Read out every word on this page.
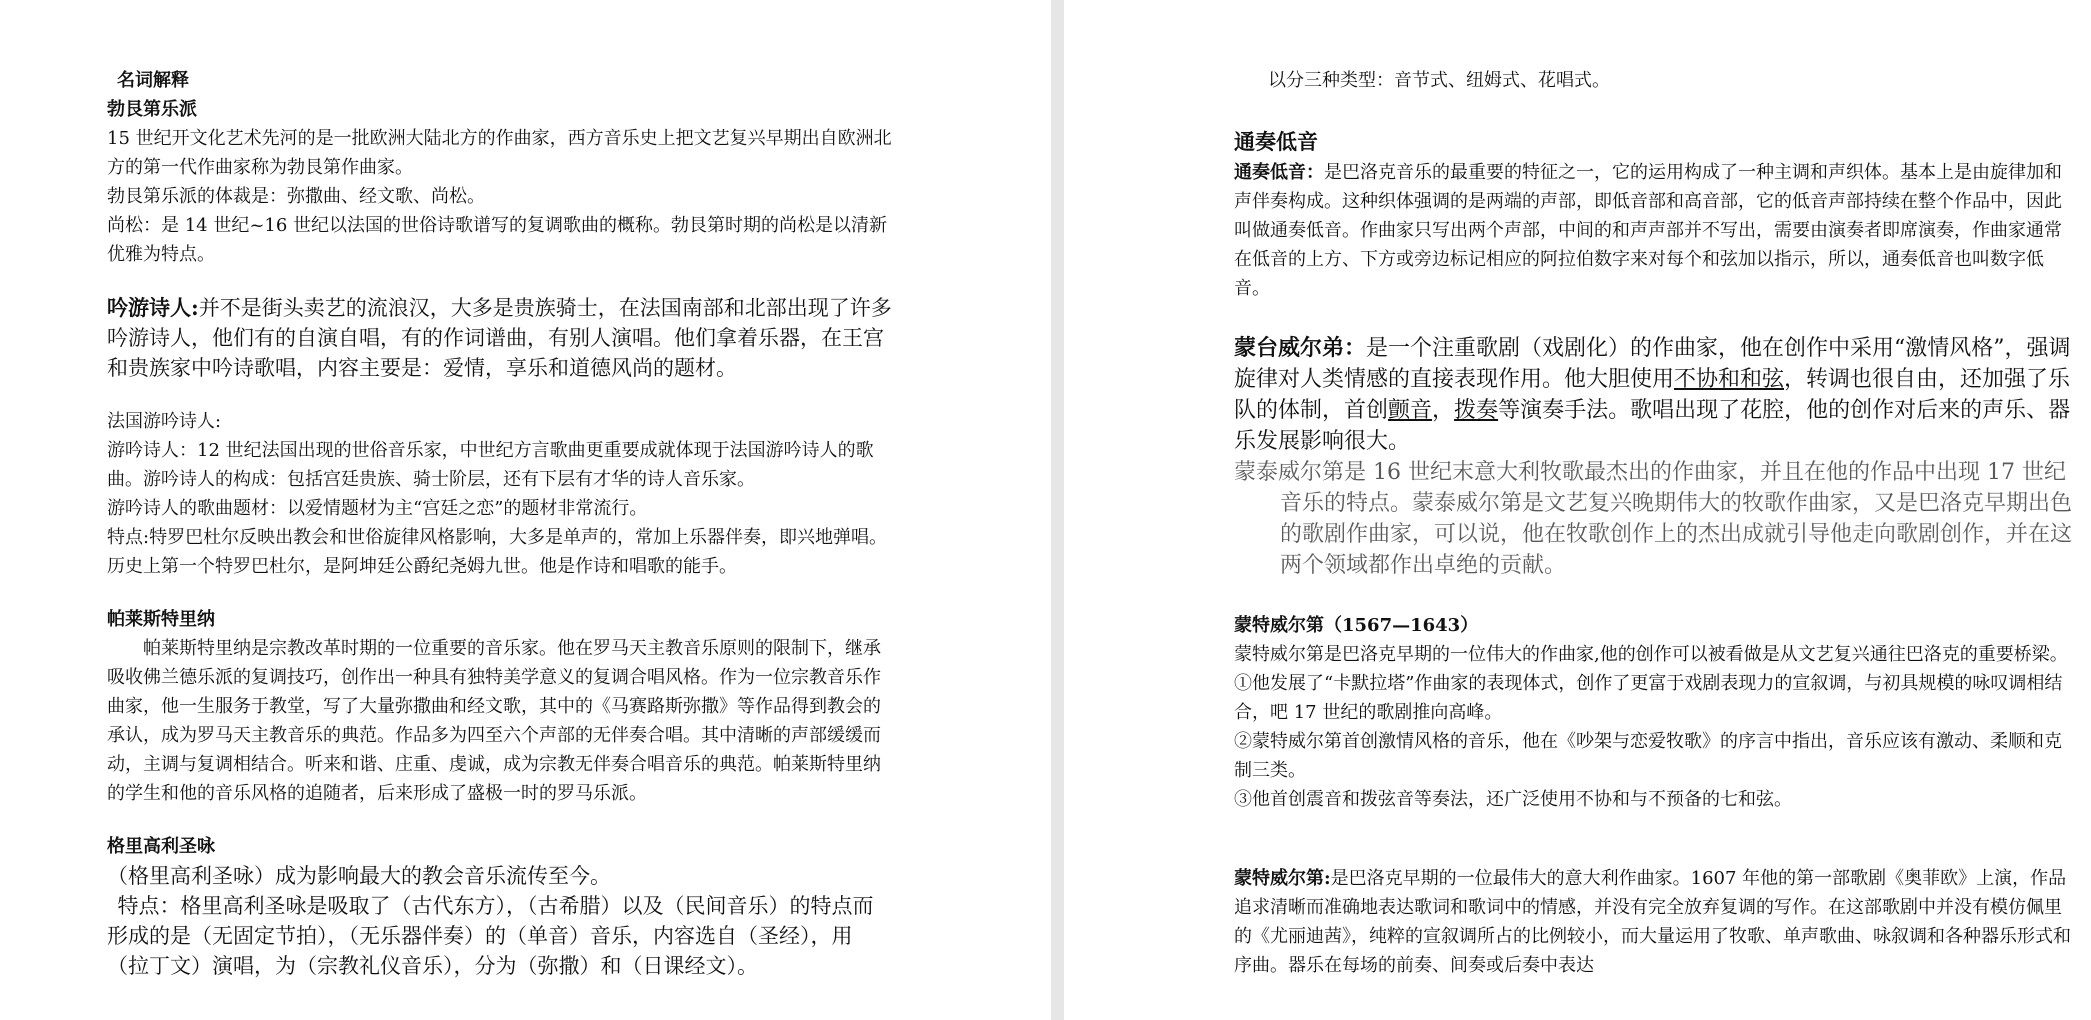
名词解释

勃艮第乐派

15 世纪开文化艺术先河的是一批欧洲大陆北方的作曲家，西方音乐史上把文艺复兴早期出自欧洲北方的第一代作曲家称为勃艮第作曲家。

勃艮第乐派的体裁是：弥撒曲、经文歌、尚松。

尚松：是 14 世纪~16 世纪以法国的世俗诗歌谱写的复调歌曲的概称。勃艮第时期的尚松是以清新优雅为特点。

吟游诗人:并不是街头卖艺的流浪汉，大多是贵族骑士，在法国南部和北部出现了许多吟游诗人，他们有的自演自唱，有的作词谱曲，有别人演唱。他们拿着乐器，在王宫和贵族家中吟诗歌唱，内容主要是：爱情，享乐和道德风尚的题材。

法国游吟诗人:

游吟诗人：12 世纪法国出现的世俗音乐家，中世纪方言歌曲更重要成就体现于法国游吟诗人的歌曲。游吟诗人的构成：包括宫廷贵族、骑士阶层，还有下层有才华的诗人音乐家。

游吟诗人的歌曲题材：以爱情题材为主“宫廷之恋”的题材非常流行。

特点:特罗巴杜尔反映出教会和世俗旋律风格影响，大多是单声的，常加上乐器伴奏，即兴地弹唱。历史上第一个特罗巴杜尔，是阿坤廷公爵纪尧姆九世。他是作诗和唱歌的能手。

帕莱斯特里纳

帕莱斯特里纳是宗教改革时期的一位重要的音乐家。他在罗马天主教音乐原则的限制下，继承吸收佛兰德乐派的复调技巧，创作出一种具有独特美学意义的复调合唱风格。作为一位宗教音乐作曲家，他一生服务于教堂，写了大量弥撒曲和经文歌，其中的《马赛路斯弥撒》等作品得到教会的承认，成为罗马天主教音乐的典范。作品多为四至六个声部的无伴奏合唱。其中清晰的声部缓缓而动，主调与复调相结合。听来和谐、庄重、虔诚，成为宗教无伴奏合唱音乐的典范。帕莱斯特里纳的学生和他的音乐风格的追随者，后来形成了盛极一时的罗马乐派。

格里高利圣咏

（格里高利圣咏）成为影响最大的教会音乐流传至今。

特点：格里高利圣咏是吸取了（古代东方），（古希腊）以及（民间音乐）的特点而形成的是（无固定节拍），（无乐器伴奏）的（单音）音乐，内容选自（圣经），用（拉丁文）演唱，为（宗教礼仪音乐），分为（弥撒）和（日课经文）。

以分三种类型：音节式、纽姆式、花唱式。

通奏低音

通奏低音：是巴洛克音乐的最重要的特征之一，它的运用构成了一种主调和声织体。基本上是由旋律加和声伴奏构成。这种织体强调的是两端的声部，即低音部和高音部，它的低音声部持续在整个作品中，因此叫做通奏低音。作曲家只写出两个声部，中间的和声声部并不写出，需要由演奏者即席演奏，作曲家通常在低音的上方、下方或旁边标记相应的阿拉伯数字来对每个和弦加以指示，所以，通奏低音也叫数字低音。

蒙台威尔弟：是一个注重歌剧（戏剧化）的作曲家，他在创作中采用“激情风格”，强调旋律对人类情感的直接表现作用。他大胆使用不协和和弦，转调也很自由，还加强了乐队的体制，首创颤音，拨奏等演奏手法。歌唱出现了花腔，他的创作对后来的声乐、器乐发展影响很大。

蒙泰威尔第是 16 世纪末意大利牧歌最杰出的作曲家，并且在他的作品中出现 17 世纪音乐的特点。蒙泰威尔第是文艺复兴晚期伟大的牧歌作曲家，又是巴洛克早期出色的歌剧作曲家，可以说，他在牧歌创作上的杰出成就引导他走向歌剧创作，并在这两个领域都作出卓绝的贡献。

蒙特威尔第（1567—1643）

蒙特威尔第是巴洛克早期的一位伟大的作曲家,他的创作可以被看做是从文艺复兴通往巴洛克的重要桥梁。

①他发展了“卡默拉塔”作曲家的表现体式，创作了更富于戏剧表现力的宣叙调，与初具规模的咏叹调相结合，吧 17 世纪的歌剧推向高峰。

②蒙特威尔第首创激情风格的音乐，他在《吵架与恋爱牧歌》的序言中指出，音乐应该有激动、柔顺和克制三类。

③他首创震音和拨弦音等奏法，还广泛使用不协和与不预备的七和弦。

蒙特威尔第:是巴洛克早期的一位最伟大的意大利作曲家。1607 年他的第一部歌剧《奥菲欧》上演，作品追求清晰而准确地表达歌词和歌词中的情感，并没有完全放弃复调的写作。在这部歌剧中并没有模仿佩里的《尤丽迪茜》，纯粹的宣叙调所占的比例较小，而大量运用了牧歌、单声歌曲、咏叙调和各种器乐形式和序曲。器乐在每场的前奏、间奏或后奏中表达
